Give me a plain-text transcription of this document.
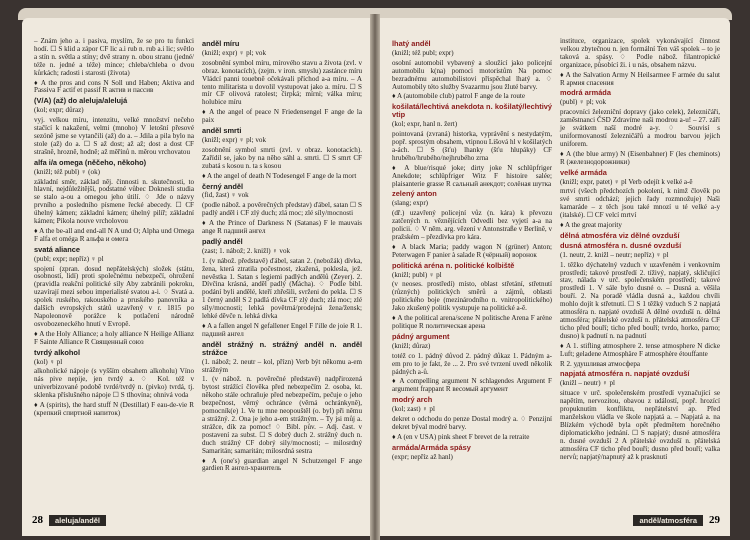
– Znám jeho a. i pasiva, myslím, že se pro tu funkci hodí. ☐ S klid a zápor CF lic a.i rub n. rub a.i lic; světlo a stín n. světla a stíny; dvě strany n. obou stranu (jedné/ téže n. jedné a téže) mince; chleba/chleba o dvou kůrkách; radosti i starosti (života)

♦ A the pros and cons N Soll und Haben; Aktiva and Passiva F actif et passif R актив и пассив

(V/A) (až) do aleluja/alelujá

(kol; expr; důraz)

vyj. velkou míru, intenzitu, velké množství nečeho stačící k nakažení, velmi (mnoho) V letošní přesové sezóně jsme se vytančili (až) do a. – Jdila a pila bylo na stole (až) do a. ☐ S až dost; až až; dost a dost CF strašně, hrozně, hodně; až měřínů n. měrou vrchovatou

alfa i/a omega (něčeho, někoho)

(knižl; též publ) ♀ (ok)

základní směr, základ něj. činnosti n. skutečnosti, to hlavní, nejdůležitější, podstatné vůbec Doknesli studia se stalo a-ou a omegou jeho útilí. ♢ Jde o názvy prvního a posledního písmene řecké abecedy. ☐ CF úhelný kámen; základní kámen; úhelný pilíř; základní kámen; Pikola nouve vrcholovou

♦ A the be-all and end-all N A und O; Alpha und Omega F alfa et oméga R альфа и омега

svatá aliance

(publ; expr; nepříz) ♀ pl

spojení (zpran. dosud nepřátelských) složek (státu, osobností, lidí) proti společnému nebezpečí, ohrožení (pravidla reakční politické síly Aby zabránili pokroku, uzavírají mezi sebou imperialisté svatou a-i. ♢ Svatá a. spolek ruského, rakouského a pruského panovníka a dalších evropských států uzavřený v r. 1815 po Napoleonově porážce k potlačení národně osvobozeneckého hnutí v Evropě.

♦ A the Holy Alliance; a holy alliance N Heilige Allianz F Sainte Alliance R Священный союз

tvrdý alkohol

(kol) ♀ pl

alkoholické nápoje (s vyšším obsahem alkoholu) Víno nás pive nepije, jen tvrdý a. ♢ Kol. též v univerbizované podobě tvrdé/tvrdý n. (pivko) tvrdá, tj. sklenka příslušného nápoje ☐ S tlhovína; ohnivá voda

♦ A (spirits), the hard stuff N (Destillat) F eau-de-vie R (крепкий спиртной напиток)

anděl míru

(knižl; expr) ♀ pl; vok

zosobnění symbol míru, mírového stavu a života (zvl. v obraz. konotacích), (zejm. v iron. smyslu) zastánce míru Vládcí panni touebně očekávali příchod a-a míru. – A tento militarista u dovolil vystupovat jako a. míru. ☐ S mír CF olivová ratolest; čirpká; mírní; válka míru; holubice míru

♦ A the angel of peace N Friedensengel F ange de la paix

anděl smrti

(knižl; expr) ♀ pl; vok

zosobnění symbol smrti (zvl. v obraz. konotacích). Zařídil se, jako by na něho sáhl a. smrti. ☐ S smrt CF zubatá s kosou n. ta s kosou

♦ A the angel of death N Todesengel F ange de la mort

černý anděl

(fid, žast) ♀ vok

(podle nábož. a pověrečných představ) ďábel, satan ☐ S padlý anděl i CF zlý duch; zlá moc; zlé síly/mocnosti

♦ A the Prince of Darkness N (Satanas) F le mauvais ange R падший ангел

padlý anděl

(zast; 1. nábož; 2. knižl) ♀ vok

1. (v nábož. představě) ďábel, satan 2. (nebožák) dívka, žena, která ztratila počestnost, zkažená, poklesla, jež. nevěstka 1. Satan s legiemi padlých andělů (Zeyer). 2. Dívčina krásná, anděl padlý (Mácha). ♢ Podle bibl. podání byli andělé, kteří zhřešili, svrženi do pekla. ☐ S 1 černý anděl S 2 padlá dívka CF zlý duch; zlá moc; zlé síly/mocnosti; lehká povětrná/prodejná žena/žensk; lehké děvče n. lehká dívka

♦ A a fallen angel N gefallener Engel F l'ille de joie R 1. падший ангел

anděl strážný n. strážný anděl n. anděl strážce

(1. nábož; 2. neutr – kol, přízn) Verb být někomu a-em strážným

1. (v nábož. n. pověrečné představě) nadpřirozená bytost strážící člověka před nebezpečím 2. osoba, kt. někoho stále ochraňuje před nebezpečím, pečuje o jeho bezpečnost, věrný ochránce (věrná ochránkyně), pomocník(e) 1. Ve tu mne neopouštěl (o. byl) při němu a strážný. 2. Ona je jeho a-em strážným. – Ty jsi můj a. strážce, dík za pomoc! ♢ Bibl. pův. – Adj. čast. v postavení za subst. ☐ S dobrý duch 2. strážný duch n. duch strážný CF dobrý sily/mocnosti; – milosrdný Samaritán; samaritán; milosrdná sestra

♦ A (one's) guardian angel N Schutzengel F ange gardien R ангел-хранитель

28 aleluja/anděl

lhatý anděl

(knižl; též publ; expr)

osobní automobil vybavený a sloužící jako policejní automobilu k(na) pomoci motoristům Na pomoc bezradnému automobilistovi přispěchal lhatý a. ♢ Automobily této služby Svazarmu jsou žluté barvy.

♦ A (automobile club) patrol F ange de la route

košilatá/lechtivá anekdota n. košilatý/lechtivý vtip

(kol; expr, hanl n. žert)

pointovaná (zvraná) historka, vyprávění s nestydatým, popř. sprostým obsahem, vtipnou Lišová hl v košilatých a-ách. ☐ S (šťu) lhanky (šťu hlupáky) CF hrubého/hrubého/nejhrubého zrna

♦ A blue/risqué joke; dirty joke N schlüpfriger Anekdote; schlüpfriger Witz F histoire salée; plaisanterie grasse R сальный анекдот; солёная шутка

zelený anton

(slang; expr)

(dř.) uzavřený policejní vůz (n. kára) k převozu zatčených n. věznějících Odvedli bez vyjetí a-a na policii. ♢ V něm. arg. vězení v Antonstraße v Berlíně, v pražském – přezdívka pro kára.

♦ A black Maria; paddy wagon N (grüner) Anton; Peterwagen F panier à salade R (чёрный) воронок

politická aréna n. politické kolbiště

(knižl; publ) ♀ pl

(v neoses. prostředí) místo, oblast střetání, střetnutí (různých) politických směrů a zájmů, oblasti politického boje (mezinárodního n. vnitropolitického) Jako zkušený politik vystupuje na politické a-ě.

♦ A the political arena/scene N politische Arena F arène politique R политическая арена

pádný argument

(knižl; důraz)

totéž co 1. pádný důvod 2. pádný důkaz 1. Pádným a-em pro to je fakt, že ... 2. Pro své tvrzení uvedl několik pádných a-ů.

♦ A compelling argument N schlagendes Argument F argument frappant R весомый аргумент

modrý arch

(kol; zast) ♀ pl

dekret o odchodu do penze Dostal modrý a. ♢ Penzijní dekret býval modré barvy.

♦ A (en v USA) pink sheet F brevet de la retraite

armáda/Armáda spásy

(expr; nepříz až hanl)

instituce, organizace, spolek vykonávající činnost velkou zbytečnou n. jen formální Ten váš spolek – to je taková a. spásy. ♢ Podle nábož. filantropické organizace, působící ži. i u nás, obsahem názvu.

♦ A the Salvation Army N Heilsarmee F armée du salut R армия спасения

modrá armáda

(publ) ♀ pl; vok

pracovníci železniční dopravy (jako celek), železničáři, zaměstnanci ČSD Zdravíme naši modrou a-u! – 27. září je svátkem naší modré a-y. ♢ Souvisí s uniformovaností železničářů a modrou barvou jejich uniforem.

♦ A (the blue army) N (Eisenbahner) F (les cheminots) R (железнодорожники)

velké armáda

(knižl; expr, patet) ♀ pl Verb odejít k velké a-ě

mrtví (všech předchozích pokolení, k nimž člověk po své smrti odchází; jejich řady rozmnožuje) Naši kamaráde – z těch jsou také mnozí u té velké a-y (italské). ☐ CF velcí mrtví

♦ A the great majority

dělná atmosféra viz dělné ovzduší

dusná atmosféra n. dusné ovzduší

(1. neutr, 2. knižl – neutr; nepříz) ♀ pl

1. těžko dýchatelný vzduch v uzavřeném i venkovním prostředí; takové prostředí 2. tíživý, napjatý, skličující stav, nálada v urč. společenském prostředí; takové prostředí 1. V sále bylo dusné o. – Dusná a. věšila bouří. 2. Na poradě vládla dusná a., každou chvíli mohlo dojít k střetnutí. ☐ S 1 těžký vzduch S 2 napjatá atmosféra n. napjaté ovzduší A dělné ovzduší n. dělná atmosféra; přátelské ovzduší n. přátelská atmosféra CF ticho před bouří; ticho před bouří; tvrdo, horko, parno; dusno) k padnutí n. na padnutí

♦ A 1. stifling atmosphere 2. tense atmosphere N dicke Luft; geladene Atmosphäre F atmosphère étouffante

R 2. удушливая атмосфера

napjatá atmosféra n. napjaté ovzduší

(knižl – neutr) ♀ pl

situace v urč. společenském prostředí vyznačující se napětím, nervozitou, obavou z událostí, popř. hrozící propuknutím konfliktu, nepřátelství ap. Před manželskou vládla ve škole napjatá a. – Napjatá a. na Blízkém východě byla opět předmětem horečného diplomatického jednání. ☐ S napjatý; dusné atmosféra n. dusné ovzduší 2 A přátelské ovzduší n. přátelská atmosféra CF ticho před bouří; dusno před bouří; valka nervů; napjatý/napnutý až k prasknutí

anděl/atmosféra 29
